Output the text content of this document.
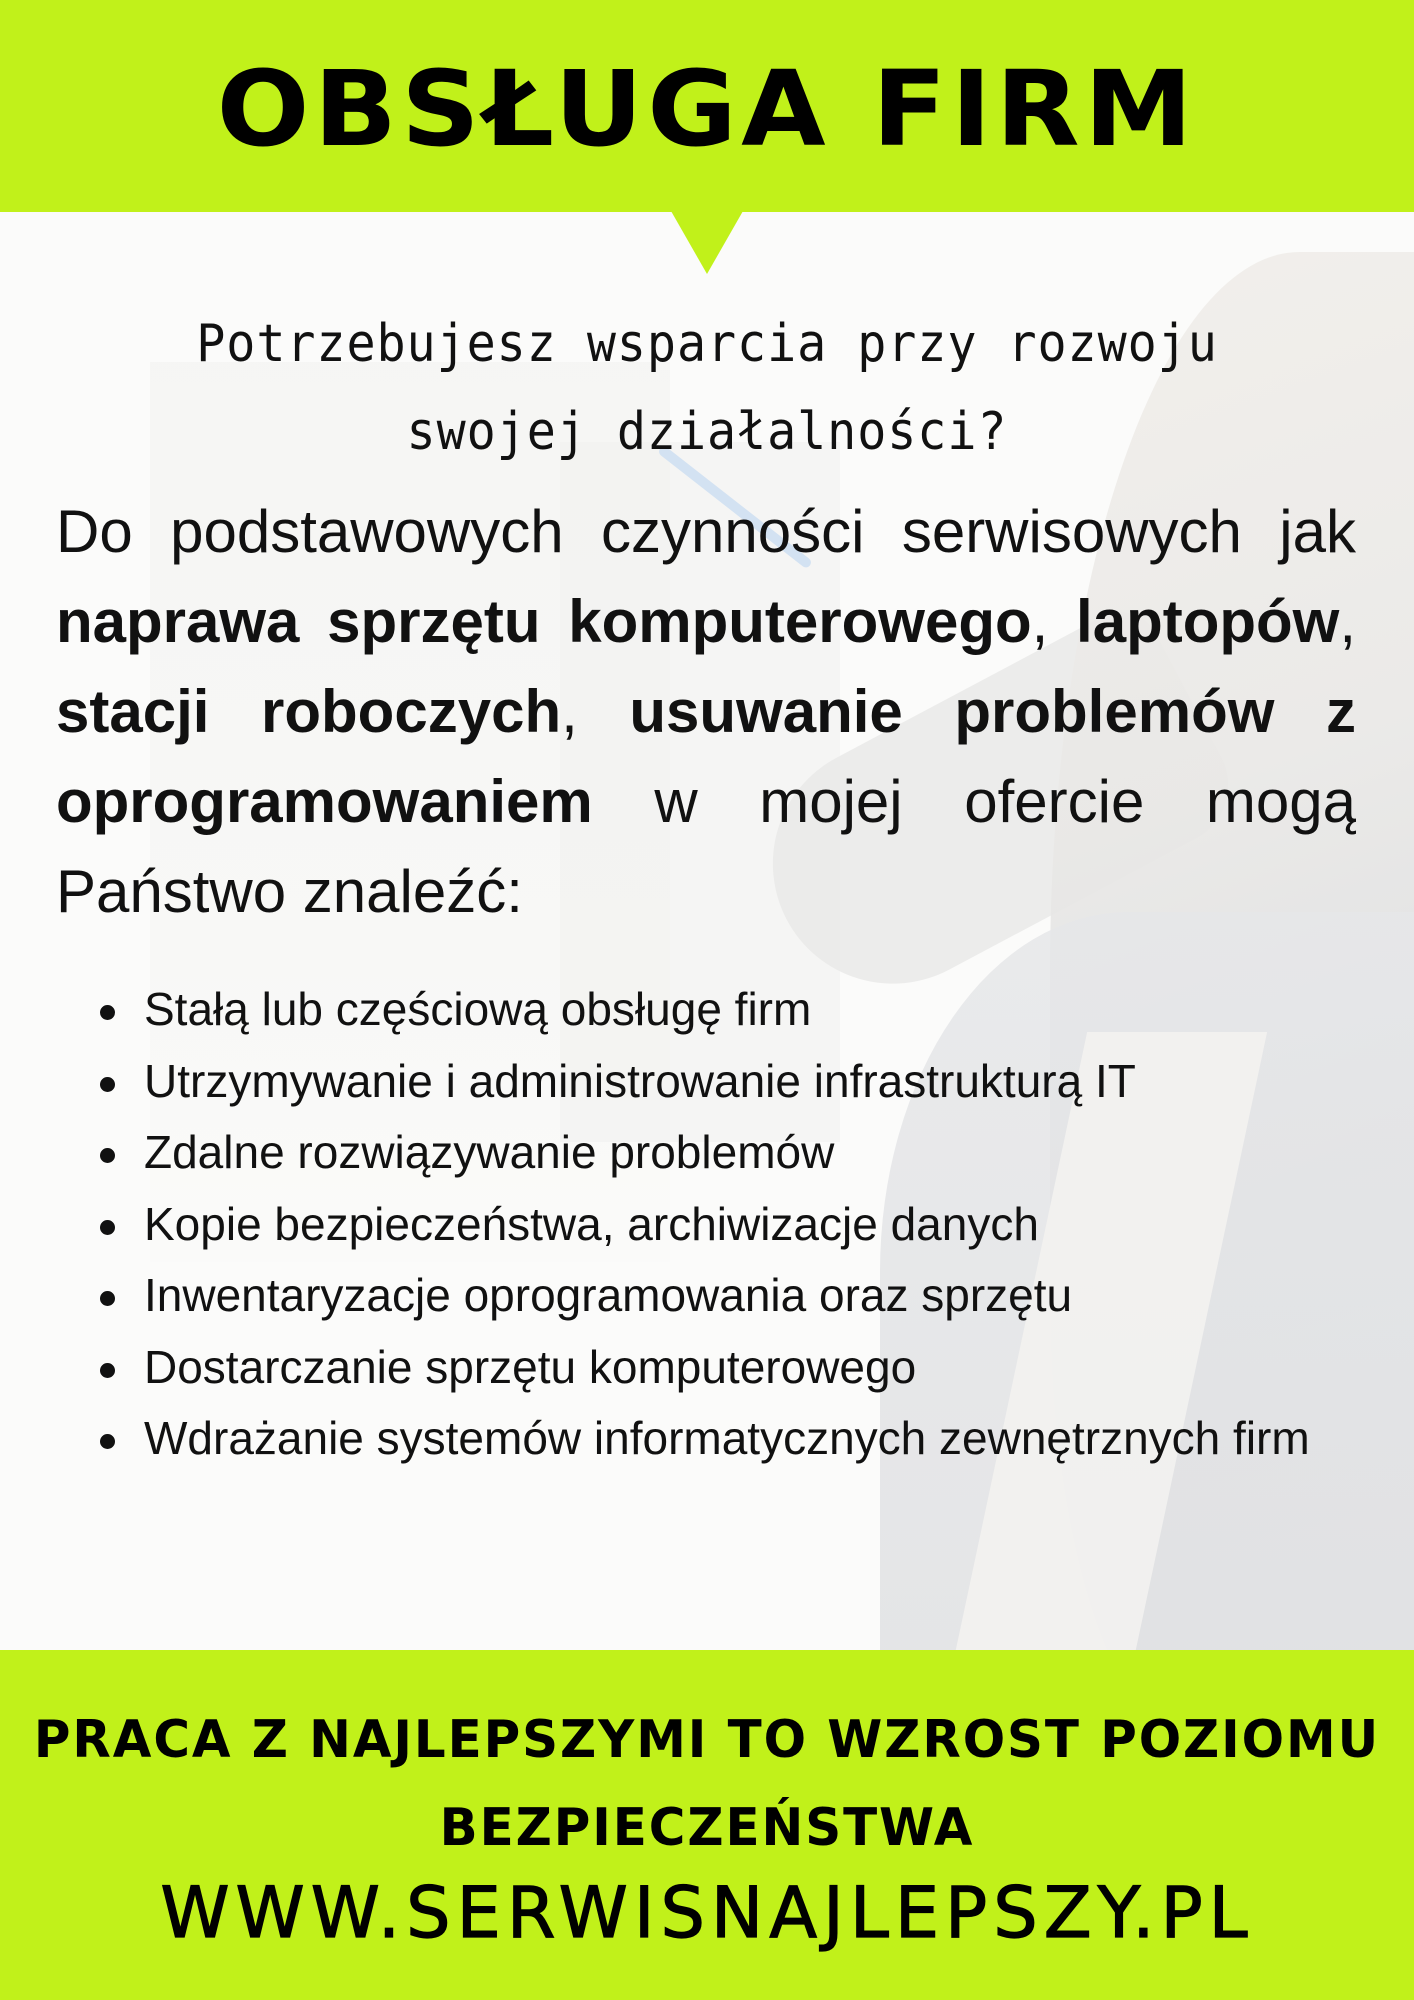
OBSŁUGA FIRM

Potrzebujesz wsparcia przy rozwoju swojej działalności?

Do podstawowych czynności serwisowych jak naprawa sprzętu komputerowego, laptopów, stacji roboczych, usuwanie problemów z oprogramowaniem w mojej ofercie mogą Państwo znaleźć:

Stałą lub częściową obsługę firm
Utrzymywanie i administrowanie infrastrukturą IT
Zdalne rozwiązywanie problemów
Kopie bezpieczeństwa, archiwizacje danych
Inwentaryzacje oprogramowania oraz sprzętu
Dostarczanie sprzętu komputerowego
Wdrażanie systemów informatycznych zewnętrznych firm

PRACA Z NAJLEPSZYMI TO WZROST POZIOMU BEZPIECZEŃSTWA

WWW.SERWISNAJLEPSZY.PL
